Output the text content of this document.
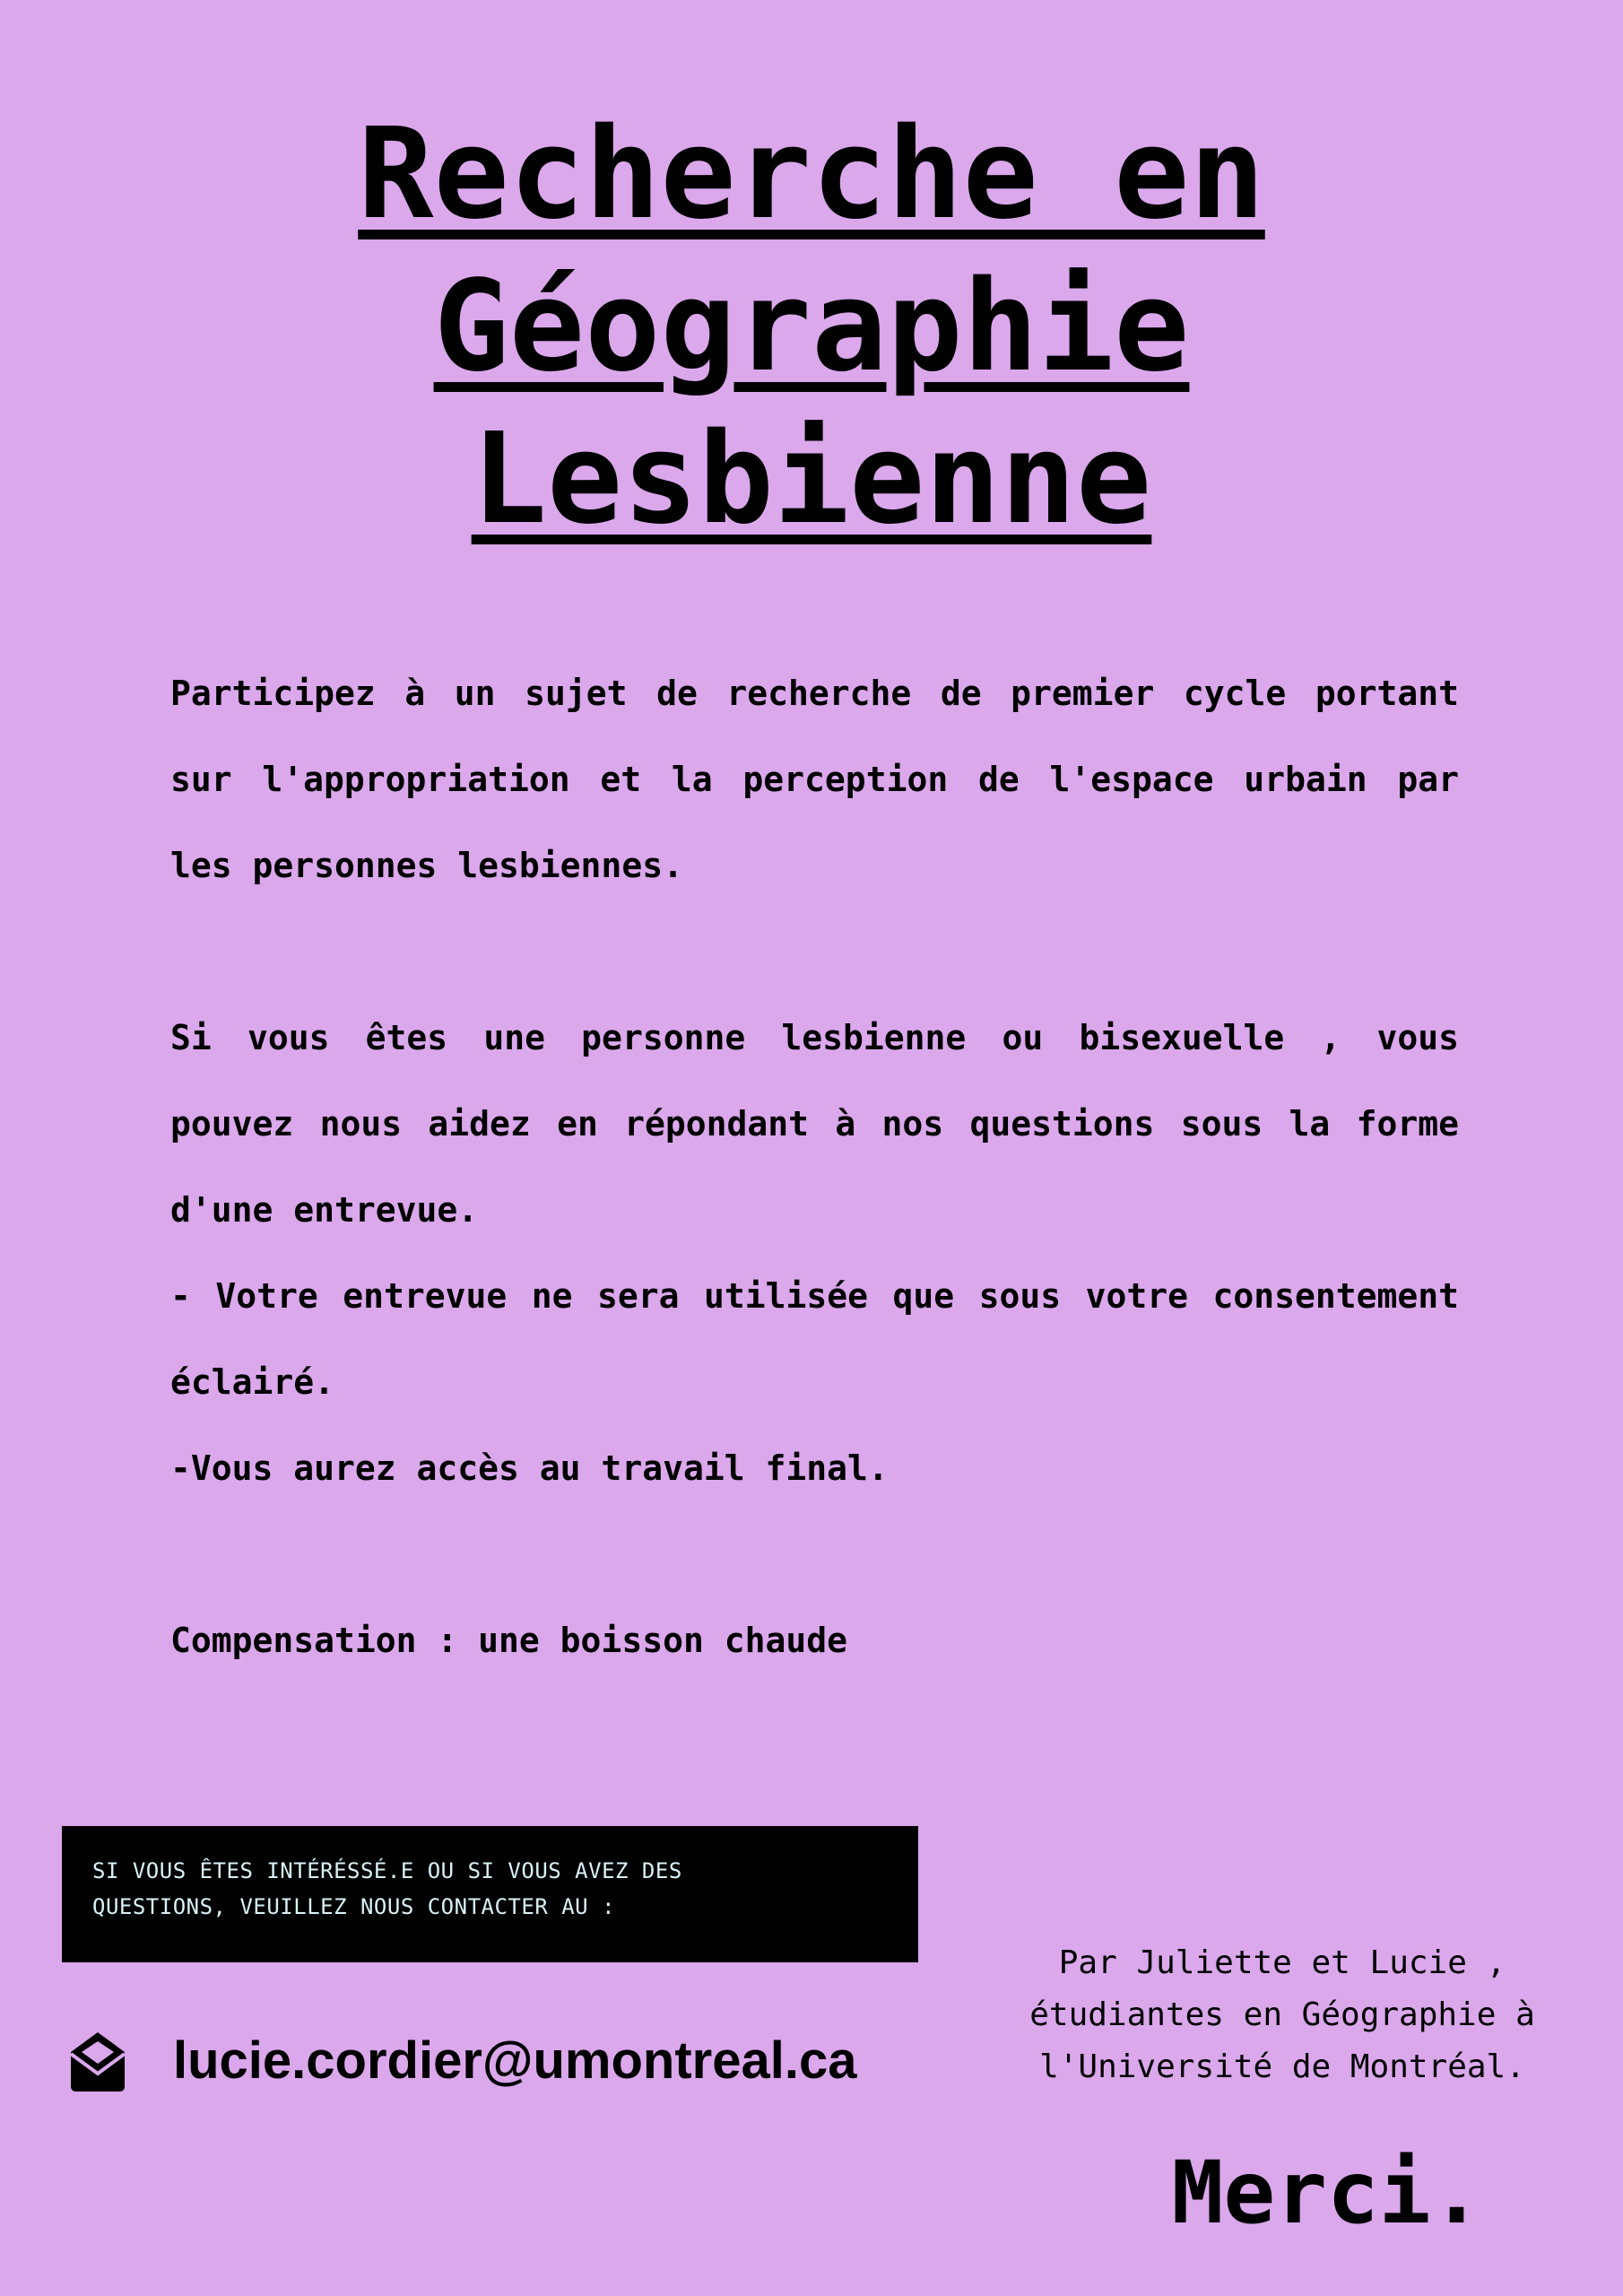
Recherche en
Géographie
Lesbienne

Participez à un sujet de recherche de premier cycle portant sur l'appropriation et la perception de l'espace urbain par les personnes lesbiennes.

Si vous êtes une personne lesbienne ou bisexuelle , vous pouvez nous aidez en répondant à nos questions sous la forme d'une entrevue.

- Votre entrevue ne sera utilisée que sous votre consentement éclairé.

-Vous aurez accès au travail final.

Compensation : une boisson chaude

SI VOUS ÊTES INTÉRÉSSÉ.E OU SI VOUS AVEZ DES

QUESTIONS, VEUILLEZ NOUS CONTACTER AU :

lucie.cordier@umontreal.ca

Par Juliette et Lucie ,
étudiantes en Géographie à
l'Université de Montréal.

Merci.
